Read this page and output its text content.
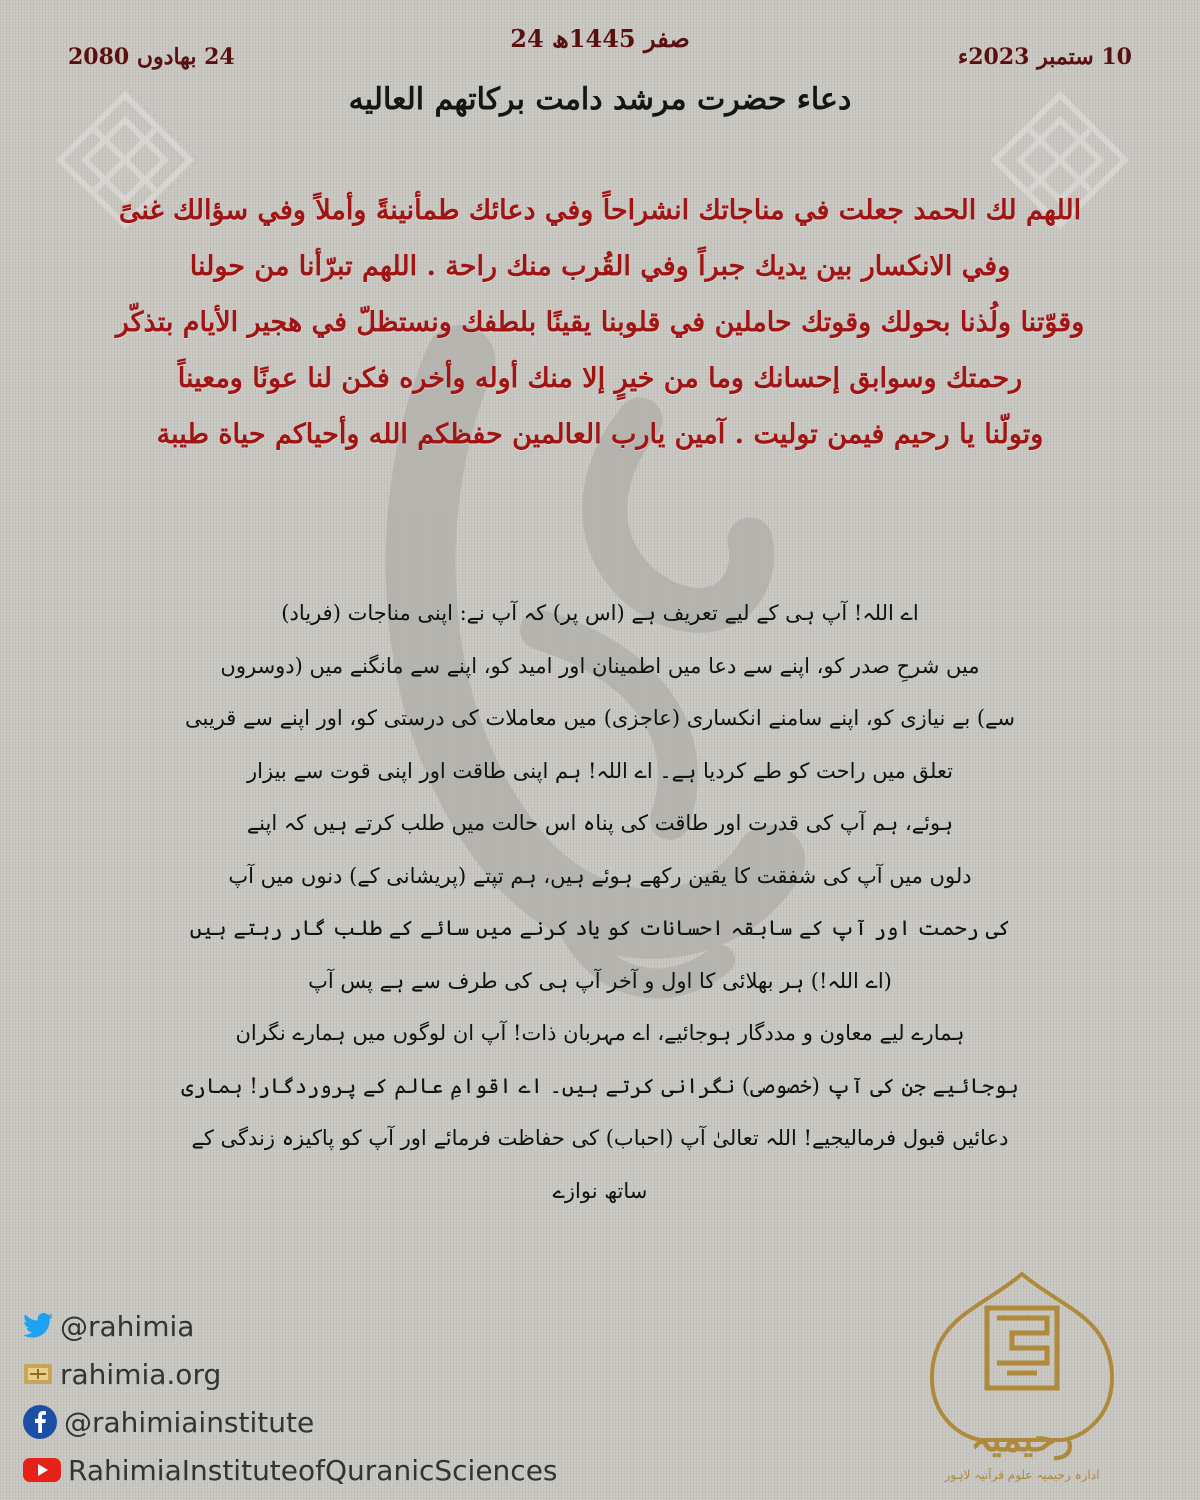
24 صفر 1445ھ
10 ستمبر 2023ء
24 بھادوں 2080
دعاء حضرت مرشد دامت برکاتهم العالیه
اللهم لك الحمد جعلت في مناجاتك انشراحاً وفي دعائك طمأنينةً وأملاً وفي سؤالك غنىً
وفي الانكسار بين يديك جبراً وفي القُرب منك راحة . اللهم تبرّأنا من حولنا
وقوّتنا ولُذنا بحولك وقوتك حاملين في قلوبنا يقينًا بلطفك ونستظلّ في هجير الأيام بتذكّر
رحمتك وسوابق إحسانك وما من خيرٍ إلا منك أوله وأخره فكن لنا عونًا ومعيناً
وتولّنا يا رحيم فيمن توليت . آمين يارب العالمين حفظكم الله وأحياكم حياة طيبة
اے اللہ! آپ ہی کے لیے تعریف ہے (اس پر) کہ آپ نے: اپنی مناجات (فریاد)
میں شرحِ صدر کو، اپنے سے دعا میں اطمینان اور امید کو، اپنے سے مانگنے میں (دوسروں
سے) بے نیازی کو، اپنے سامنے انکساری (عاجزی) میں معاملات کی درستی کو، اور اپنے سے قریبی
تعلق میں راحت کو طے کردیا ہے۔ اے اللہ! ہم اپنی طاقت اور اپنی قوت سے بیزار
ہوئے، ہم آپ کی قدرت اور طاقت کی پناہ اس حالت میں طلب کرتے ہیں کہ اپنے
دلوں میں آپ کی شفقت کا یقین رکھے ہوئے ہیں، ہم تپتے (پریشانی کے) دنوں میں آپ
کی رحمت اور آپ کے سابقہ احسانات کو یاد کرنے میں سائے کے طلب گار رہتے ہیں
(اے اللہ!) ہر بھلائی کا اول و آخر آپ ہی کی طرف سے ہے پس آپ
ہمارے لیے معاون و مددگار ہوجائیے، اے مہربان ذات! آپ ان لوگوں میں ہمارے نگران
ہوجائیے جن کی آپ (خصوصی) نگرانی کرتے ہیں۔ اے اقوامِ عالم کے پروردگار! ہماری
دعائیں قبول فرمالیجیے! اللہ تعالیٰ آپ (احباب) کی حفاظت فرمائے اور آپ کو پاکیزہ زندگی کے
ساتھ نوازے
@rahimia
rahimia.org
@rahimiainstitute
RahimiaInstituteofQuranicSciences
رحیمیہ
ادارہ رحیمیہ علوم قرآنیہ لاہور
